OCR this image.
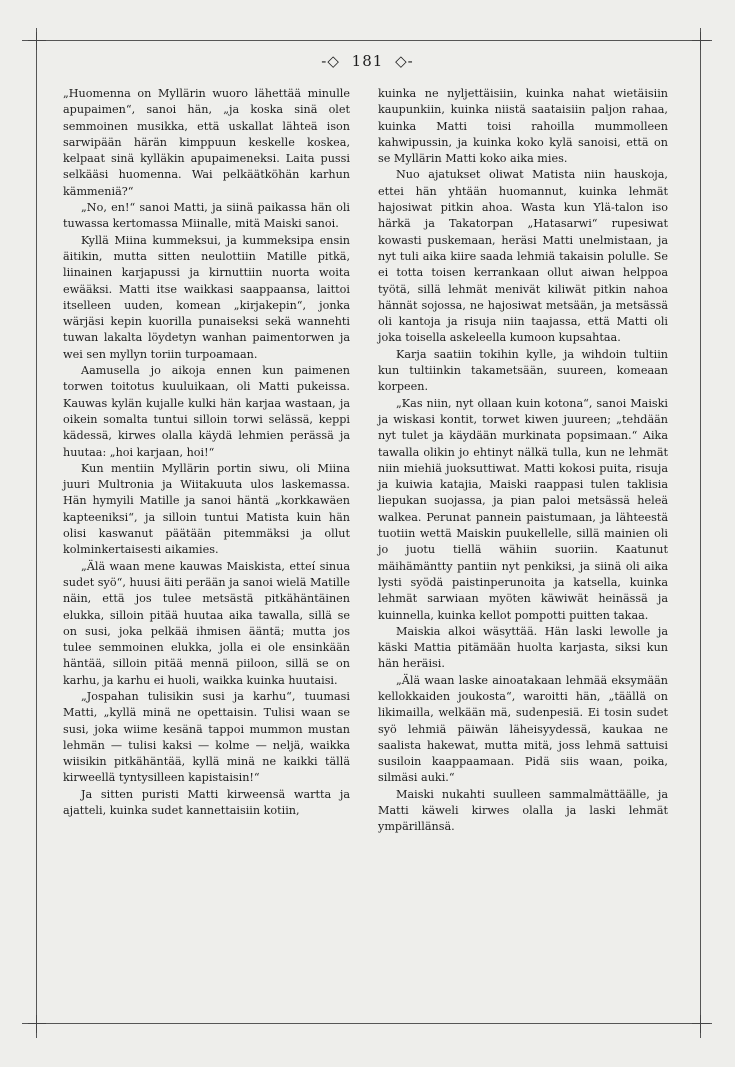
-◇ 181 ◇-

„Huomenna on Myllärin wuoro lähettää minulle apupaimen“, sanoi hän, „ja koska sinä olet semmoinen musikka, että uskallat lähteä ison sarwipään härän kimppuun keskelle koskea, kelpaat sinä kylläkin apupaimeneksi. Laita pussi selkääsi huomenna. Wai pelkäätköhän karhun kämmeniä?“

„No, en!“ sanoi Matti, ja siinä paikassa hän oli tuwassa kertomassa Miinalle, mitä Maiski sanoi.

Kyllä Miina kummeksui, ja kummeksipa ensin äitikin, mutta sitten neulottiin Matille pitkä, liinainen karjapussi ja kirnuttiin nuorta woita ewääksi. Matti itse waikkasi saappaansa, laittoi itselleen uuden, komean „kirjakepin“, jonka wärjäsi kepin kuorilla punaiseksi sekä wannehti tuwan lakalta löydetyn wanhan paimentorwen ja wei sen myllyn toriin turpoamaan.

Aamusella jo aikoja ennen kun paimenen torwen toitotus kuuluikaan, oli Matti pukeissa. Kauwas kylän kujalle kulki hän karjaa wastaan, ja oikein somalta tuntui silloin torwi selässä, keppi kädessä, kirwes olalla käydä lehmien perässä ja huutaa: „hoi karjaan, hoi!“

Kun mentiin Myllärin portin siwu, oli Miina juuri Multronia ja Wiitakuuta ulos laskemassa. Hän hymyili Matille ja sanoi häntä „korkkawäen kapteeniksi“, ja silloin tuntui Matista kuin hän olisi kaswanut päätään pitemmäksi ja ollut kolminkertaisesti aikamies.

„Älä waan mene kauwas Maiskista, etteí sinua sudet syö“, huusi äiti perään ja sanoi wielä Matille näin, että jos tulee metsästä pitkähäntäinen elukka, silloin pitää huutaa aika tawalla, sillä se on susi, joka pelkää ihmisen ääntä; mutta jos tulee semmoinen elukka, jolla ei ole ensinkään häntää, silloin pitää mennä piiloon, sillä se on karhu, ja karhu ei huoli, waikka kuinka huutaisi.

„Jospahan tulisikin susi ja karhu“, tuumasi Matti, „kyllä minä ne opettaisin. Tulisi waan se susi, joka wiime kesänä tappoi mummon mustan lehmän — tulisi kaksi — kolme — neljä, waikka wiisikin pitkähäntää, kyllä minä ne kaikki tällä kirweellä tyntysilleen kapistaisin!“

Ja sitten puristi Matti kirweensä wartta ja ajatteli, kuinka sudet kannettaisiin kotiin,

kuinka ne nyljettäisiin, kuinka nahat wietäisiin kaupunkiin, kuinka niistä saataisiin paljon rahaa, kuinka Matti toisi rahoilla mummolleen kahwipussin, ja kuinka koko kylä sanoisi, että on se Myllärin Matti koko aika mies.

Nuo ajatukset oliwat Matista niin hauskoja, ettei hän yhtään huomannut, kuinka lehmät hajosiwat pitkin ahoa. Wasta kun Ylä-talon iso härkä ja Takatorpan „Hatasarwi“ rupesiwat kowasti puskemaan, heräsi Matti unelmistaan, ja nyt tuli aika kiire saada lehmiä takaisin polulle. Se ei totta toisen kerrankaan ollut aiwan helppoa työtä, sillä lehmät menivät kiliwät pitkin nahoa hännät sojossa, ne hajosiwat metsään, ja metsässä oli kantoja ja risuja niin taajassa, että Matti oli joka toisella askeleella kumoon kupsahtaa.

Karja saatiin tokihin kylle, ja wihdoin tultiin kun tultiinkin takametsään, suureen, komeaan korpeen.

„Kas niin, nyt ollaan kuin kotona“, sanoi Maiski ja wiskasi kontit, torwet kiwen juureen; „tehdään nyt tulet ja käydään murkinata popsimaan.“ Aika tawalla olikin jo ehtinyt nälkä tulla, kun ne lehmät niin miehiä juoksuttiwat. Matti kokosi puita, risuja ja kuiwia katajia, Maiski raappasi tulen taklisia liepukan suojassa, ja pian paloi metsässä heleä walkea. Perunat pannein paistumaan, ja lähteestä tuotiin wettä Maiskin puukellelle, sillä mainien oli jo juotu tiellä wähiin suoriin. Kaatunut mäihämäntty pantiin nyt penkiksi, ja siinä oli aika lysti syödä paistinperunoita ja katsella, kuinka lehmät sarwiaan myöten käwiwät heinässä ja kuinnella, kuinka kellot pompotti puitten takaa.

Maiskia alkoi wäsyttää. Hän laski lewolle ja käski Mattia pitämään huolta karjasta, siksi kun hän heräisi.

„Älä waan laske ainoatakaan lehmää eksymään kellokkaiden joukosta“, waroitti hän, „täällä on likimailla, welkään mä, sudenpesiä. Ei tosin sudet syö lehmiä päiwän läheisyydessä, kaukaa ne saalista hakewat, mutta mitä, joss lehmä sattuisi susiloin kaappaamaan. Pidä siis waan, poika, silmäsi auki.“

Maiski nukahti suulleen sammalmättäälle, ja Matti käweli kirwes olalla ja laski lehmät ympärillänsä.
